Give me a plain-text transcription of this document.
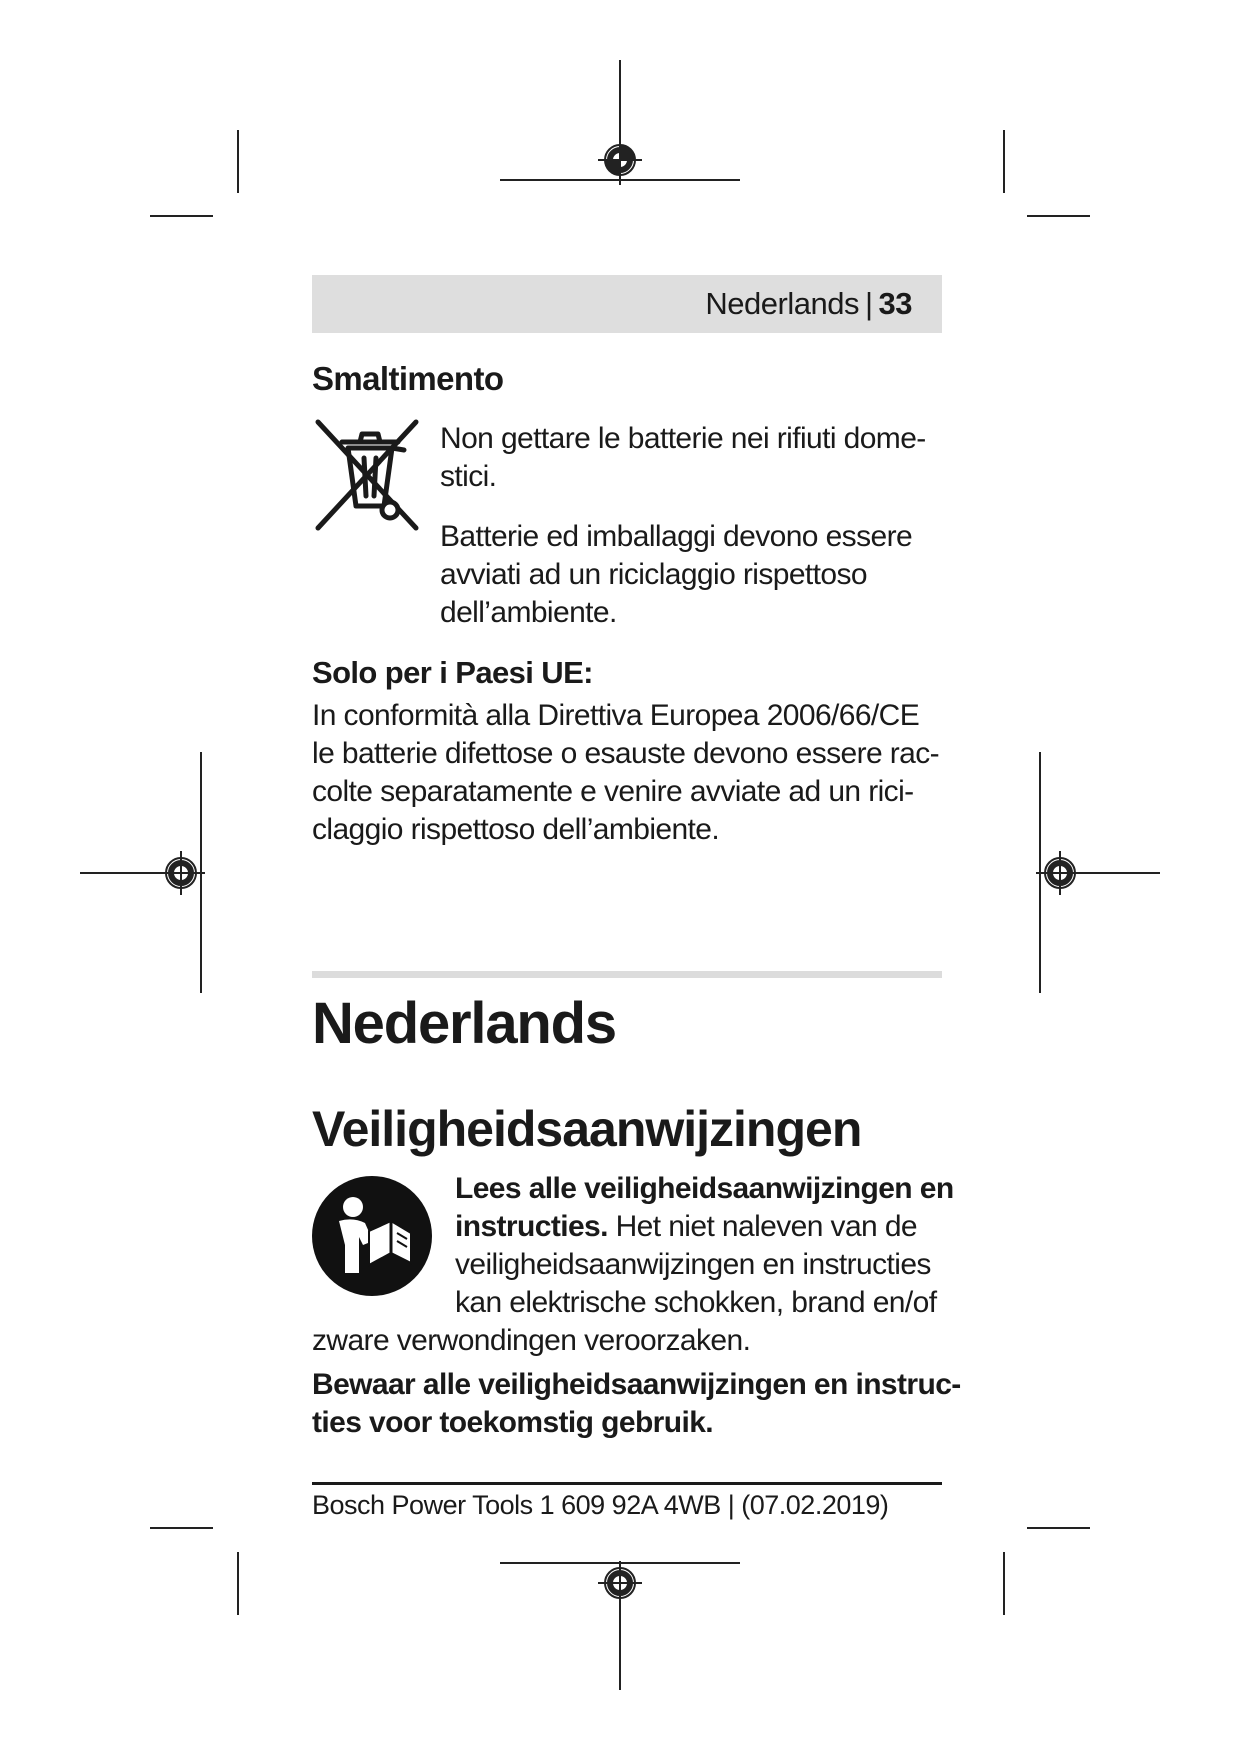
Nederlands | 33
Smaltimento

Non gettare le batterie nei rifiuti dome-
stici.

Batterie ed imballaggi devono essere
avviati ad un riciclaggio rispettoso
dell’ambiente.

Solo per i Paesi UE:

In conformità alla Direttiva Europea 2006/66/CE
le batterie difettose o esauste devono essere rac-
colte separatamente e venire avviate ad un rici-
claggio rispettoso dell’ambiente.

Nederlands
Veiligheidsaanwijzingen

Lees alle veiligheidsaanwijzingen en
instructies. Het niet naleven van de
veiligheidsaanwijzingen en instructies
kan elektrische schokken, brand en/of

zware verwondingen veroorzaken.

Bewaar alle veiligheidsaanwijzingen en instruc-
ties voor toekomstig gebruik.

Bosch Power Tools 1 609 92A 4WB | (07.02.2019)
